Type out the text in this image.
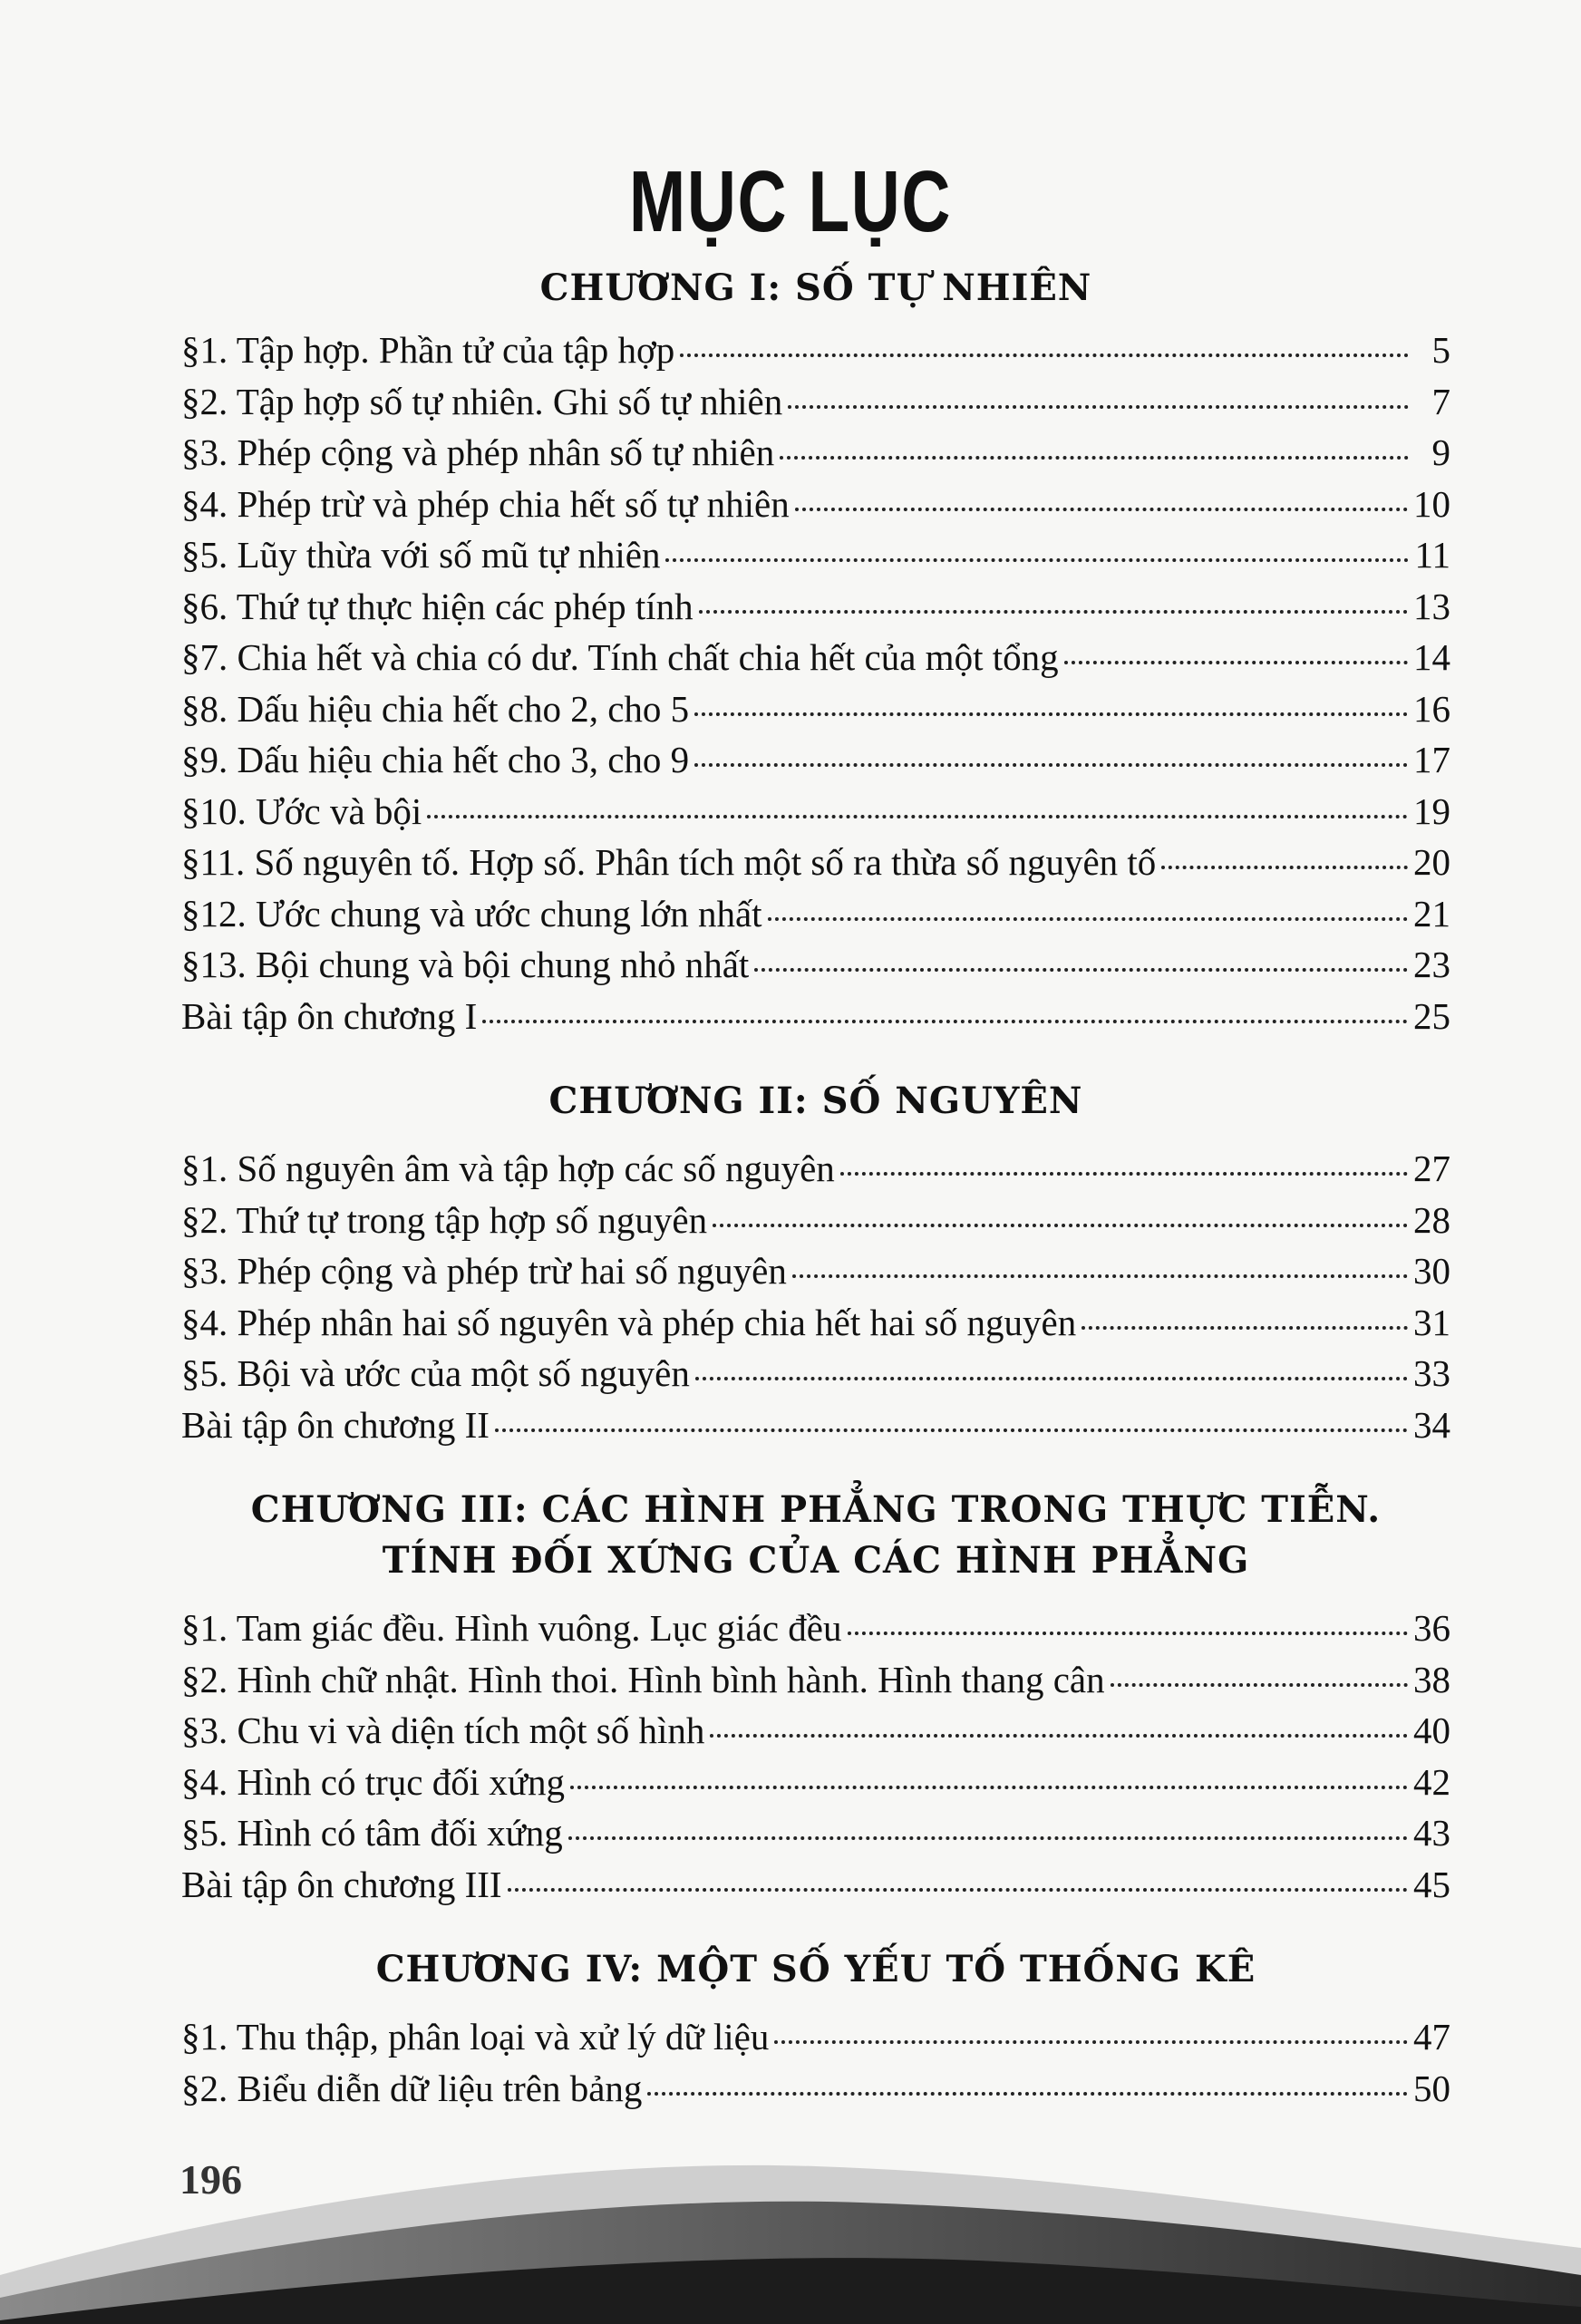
MỤC LỤC
CHƯƠNG I: SỐ TỰ NHIÊN
§1. Tập hợp. Phần tử của tập hợp	5
§2. Tập hợp số tự nhiên. Ghi số tự nhiên	7
§3. Phép cộng và phép nhân số tự nhiên	9
§4. Phép trừ và phép chia hết số tự nhiên	10
§5. Lũy thừa với số mũ tự nhiên	11
§6. Thứ tự thực hiện các phép tính	13
§7. Chia hết và chia có dư. Tính chất chia hết của một tổng	14
§8. Dấu hiệu chia hết cho 2, cho 5	16
§9. Dấu hiệu chia hết cho 3, cho 9	17
§10. Ước và bội	19
§11. Số nguyên tố. Hợp số. Phân tích một số ra thừa số nguyên tố	20
§12. Ước chung và ước chung lớn nhất	21
§13. Bội chung và bội chung nhỏ nhất	23
Bài tập ôn chương I	25
CHƯƠNG II: SỐ NGUYÊN
§1. Số nguyên âm và tập hợp các số nguyên	27
§2. Thứ tự trong tập hợp số nguyên	28
§3. Phép cộng và phép trừ hai số nguyên	30
§4. Phép nhân hai số nguyên và phép chia hết hai số nguyên	31
§5. Bội và ước của một số nguyên	33
Bài tập ôn chương II	34
CHƯƠNG III: CÁC HÌNH PHẲNG TRONG THỰC TIỄN.
TÍNH ĐỐI XỨNG CỦA CÁC HÌNH PHẲNG
§1. Tam giác đều. Hình vuông. Lục giác đều	36
§2. Hình chữ nhật. Hình thoi. Hình bình hành. Hình thang cân	38
§3. Chu vi và diện tích một số hình	40
§4. Hình có trục đối xứng	42
§5. Hình có tâm đối xứng	43
Bài tập ôn chương III	45
CHƯƠNG IV: MỘT SỐ YẾU TỐ THỐNG KÊ
§1. Thu thập, phân loại và xử lý dữ liệu	47
§2. Biểu diễn dữ liệu trên bảng	50
196
